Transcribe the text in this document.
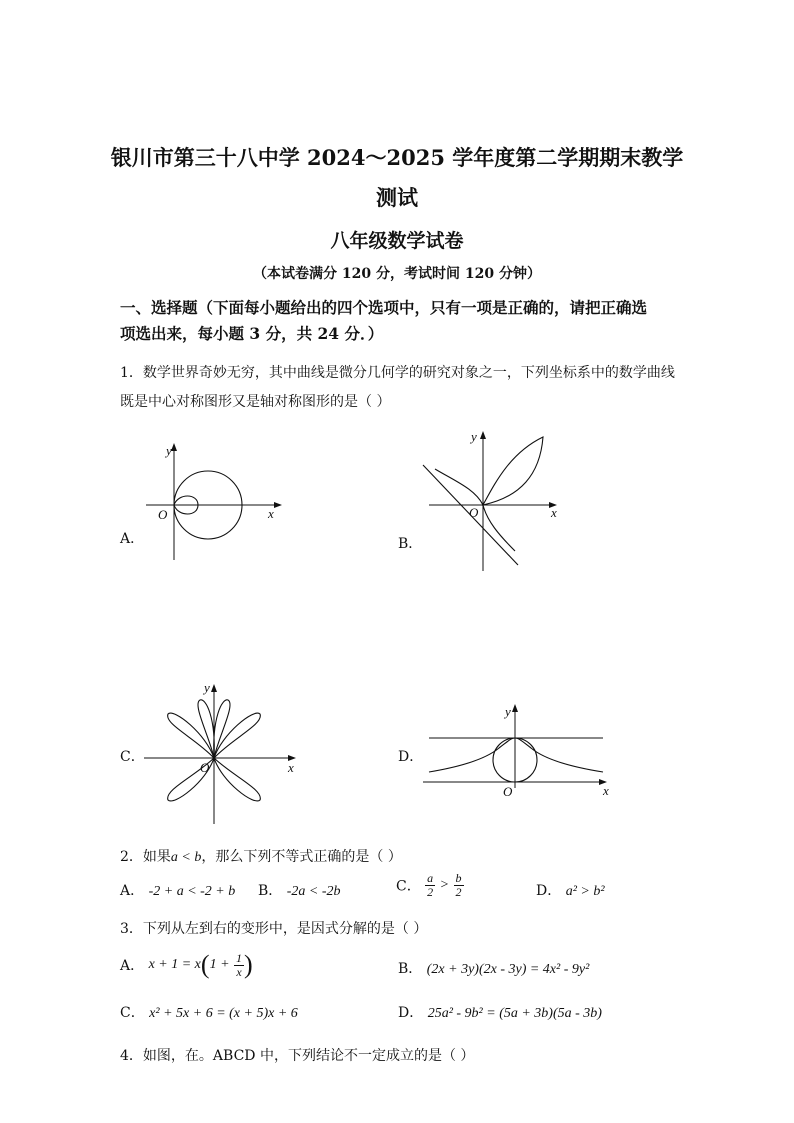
银川市第三十八中学 2024～2025 学年度第二学期期末教学
测试
八年级数学试卷
（本试卷满分 120 分，考试时间 120 分钟）
一、选择题（下面每小题给出的四个选项中，只有一项是正确的，请把正确选
项选出来，每小题 3 分，共 24 分．）
1．数学世界奇妙无穷，其中曲线是微分几何学的研究对象之一，下列坐标系中的数学曲线
既是中心对称图形又是轴对称图形的是（ ）
A．
y
x
O
B．
y
x
O
C．
y
x
O
D．
y
x
O
2．如果a < b，那么下列不等式正确的是（ ）
A． -2 + a < -2 + b B． -2a < -2b	C． $\frac{a}{2} > \frac{b}{2}$	D． a² > b²
3．下列从左到右的变形中，是因式分解的是（ ）
A． $x + 1 = x(1 + \frac{1}{x}$ )	B． (2x + 3y)(2x - 3y) = 4x² - 9y²
C． x² + 5x + 6 = (x + 5)x + 6	D． 25a² - 9b² = (5a + 3b)(5a - 3b)
4．如图，在。ABCD 中，下列结论不一定成立的是（ ）
